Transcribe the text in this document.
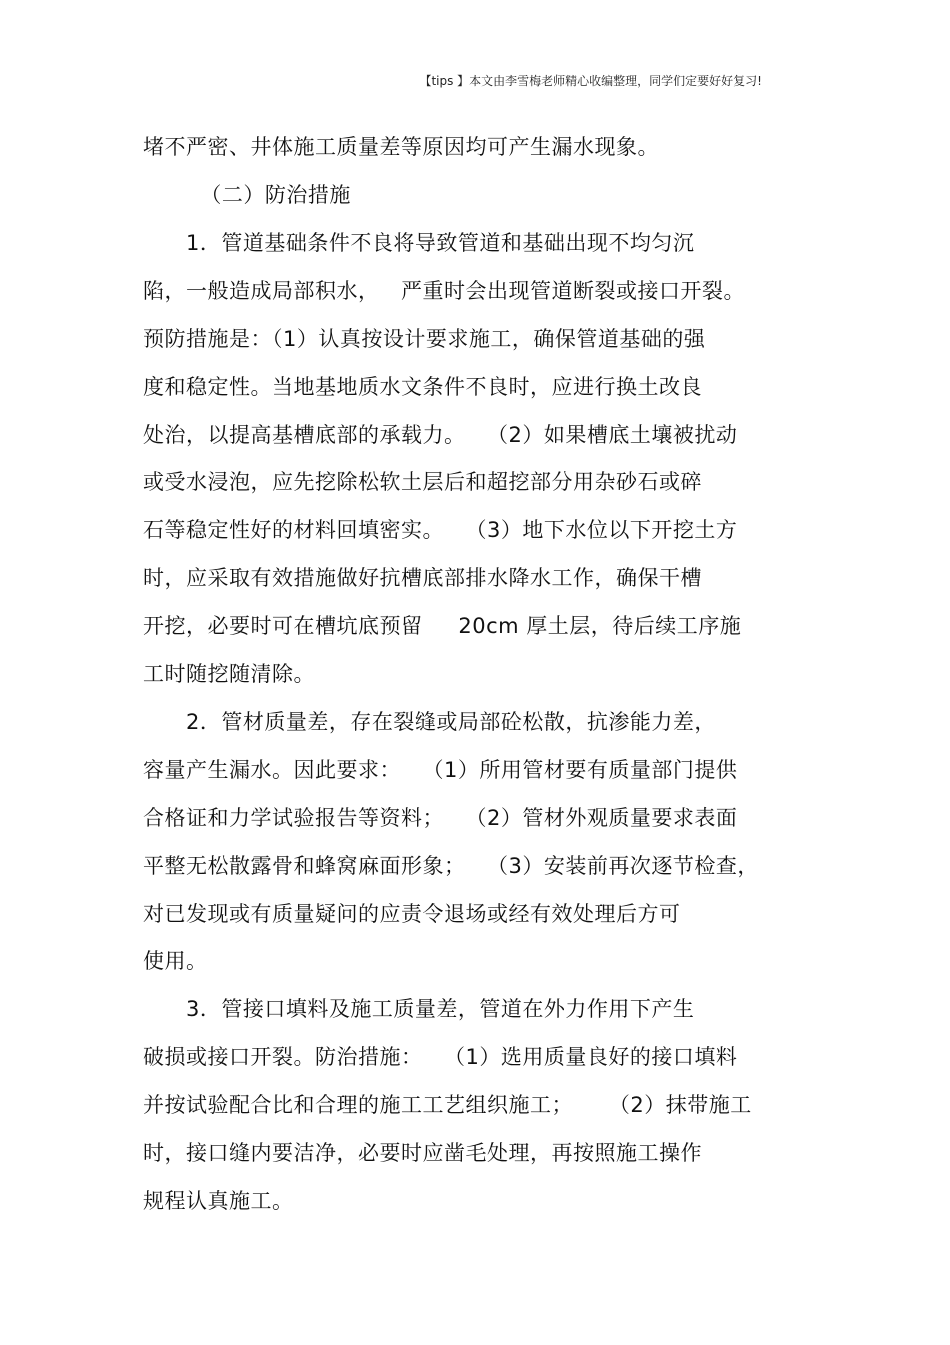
【tips 】本文由李雪梅老师精心收编整理，同学们定要好好复习!
堵不严密、井体施工质量差等原因均可产生漏水现象。
（二）防治措施
1．管道基础条件不良将导致管道和基础出现不均匀沉
陷，一般造成局部积水，   严重时会出现管道断裂或接口开裂。
预防措施是：（1）认真按设计要求施工，确保管道基础的强
度和稳定性。当地基地质水文条件不良时，应进行换土改良
处治，以提高基槽底部的承载力。   （2）如果槽底土壤被扰动
或受水浸泡，应先挖除松软土层后和超挖部分用杂砂石或碎
石等稳定性好的材料回填密实。   （3）地下水位以下开挖土方
时，应采取有效措施做好抗槽底部排水降水工作，确保干槽
开挖，必要时可在槽坑底预留     20cm 厚土层，待后续工序施
工时随挖随清除。
2．管材质量差，存在裂缝或局部砼松散，抗渗能力差，
容量产生漏水。因此要求：   （1）所用管材要有质量部门提供
合格证和力学试验报告等资料；   （2）管材外观质量要求表面
平整无松散露骨和蜂窝麻面形象；   （3）安装前再次逐节检查，
对已发现或有质量疑问的应责令退场或经有效处理后方可
使用。
3．管接口填料及施工质量差，管道在外力作用下产生
破损或接口开裂。防治措施：   （1）选用质量良好的接口填料
并按试验配合比和合理的施工工艺组织施工；     （2）抹带施工
时，接口缝内要洁净，必要时应凿毛处理，再按照施工操作
规程认真施工。
